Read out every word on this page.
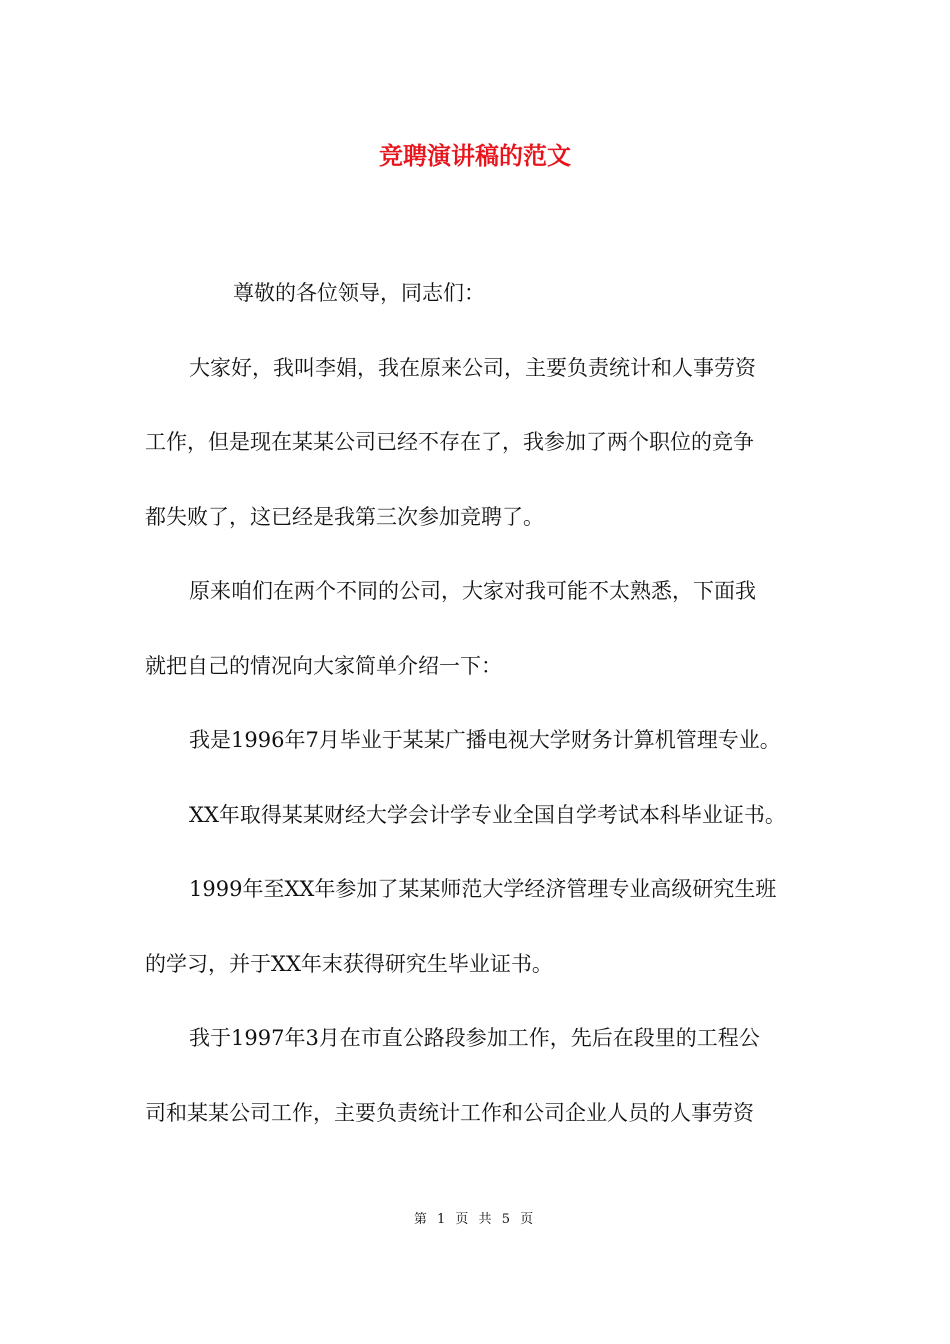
竞聘演讲稿的范文

尊敬的各位领导，同志们：

大家好，我叫李娟，我在原来公司，主要负责统计和人事劳资

工作，但是现在某某公司已经不存在了，我参加了两个职位的竞争

都失败了，这已经是我第三次参加竞聘了。

原来咱们在两个不同的公司，大家对我可能不太熟悉，下面我

就把自己的情况向大家简单介绍一下：

我是1996年7月毕业于某某广播电视大学财务计算机管理专业。

XX年取得某某财经大学会计学专业全国自学考试本科毕业证书。

1999年至XX年参加了某某师范大学经济管理专业高级研究生班

的学习，并于XX年末获得研究生毕业证书。

我于1997年3月在市直公路段参加工作，先后在段里的工程公

司和某某公司工作，主要负责统计工作和公司企业人员的人事劳资

第 1 页 共 5 页
